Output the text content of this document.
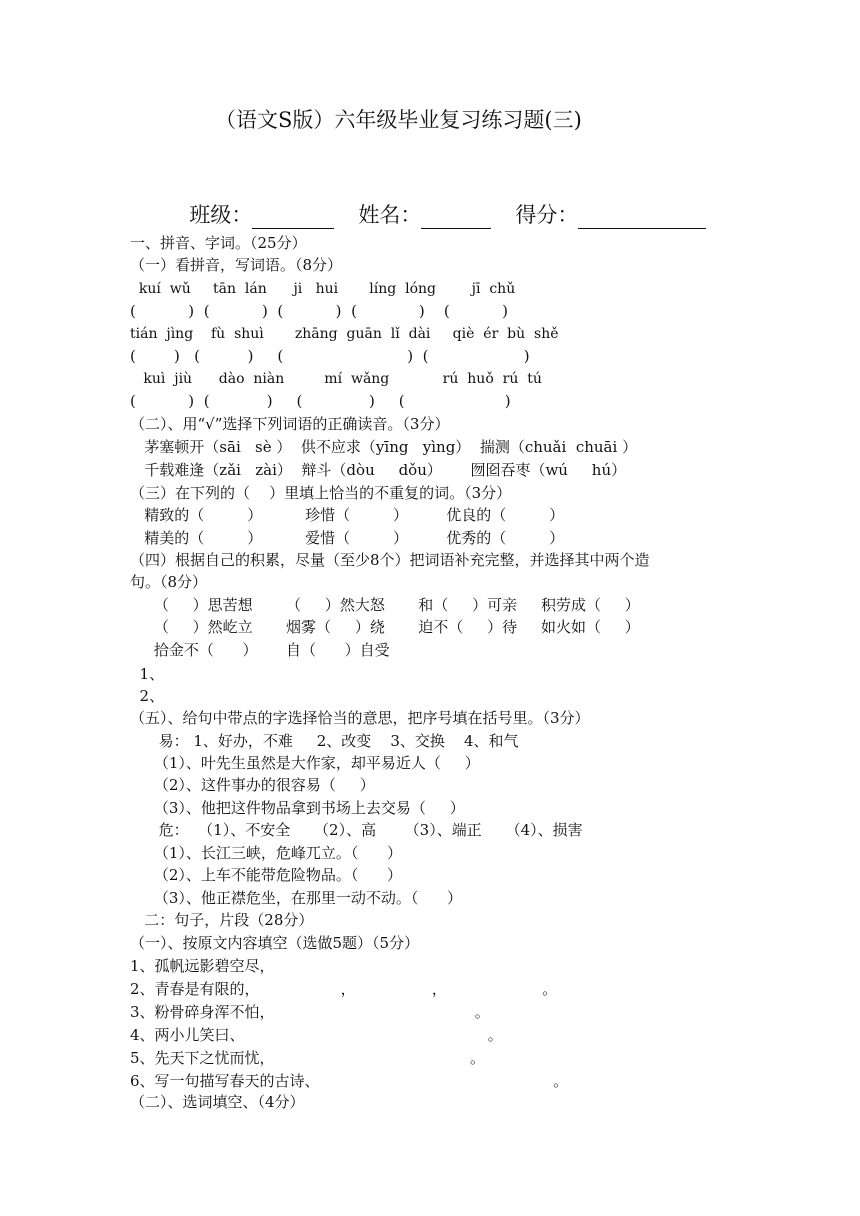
（语文S版）六年级毕业复习练习题(三)

班级：	姓名：	得分：

一、拼音、字词。（25分）
（一）看拼音，写词语。（8分）
kuí  wǔ     tān  lán      ji   hui       líng  lóng        jī  chǔ
(           )  (           )  (           )  (             )    (           )
tián  jìng    fù  shuì       zhāng  guān  lǐ  dài     qiè  ér  bù  shě
(        )   (          )     (                          )  (                    )
kuì  jiù      dào  niàn         mí  wǎng            rú  huǒ  rú  tú
(           )  (            )     (              )     (                     )
（二）、用“√”选择下列词语的正确读音。（3分）
茅塞顿开（sāi   sè ）  供不应求（yīng   yìng）  揣测（chuǎi  chuāi ）
千载难逢（zǎi   zài）  辩斗（dòu     dǒu）      囫囵吞枣（wú     hú）
（三）在下列的（    ）里填上恰当的不重复的词。（3分）
精致的（         ）         珍惜（         ）        优良的（         ）
精美的（         ）         爱惜（         ）        优秀的（         ）
（四）根据自己的积累，尽量（至少8个）把词语补充完整，并选择其中两个造
句。（8分）
（     ）思苦想       （     ）然大怒       和（     ）可亲     积劳成（     ）
（     ）然屹立       烟雾（     ）绕       迫不（     ）待     如火如（     ）
拾金不（      ）      自（      ）自受
1、
2、
（五）、给句中带点的字选择恰当的意思，把序号填在括号里。（3分）
易： 1、好办，不难     2、改变    3、交换    4、和气
（1）、叶先生虽然是大作家，却平易近人（     ）
（2）、这件事办的很容易（     ）
（3）、他把这件物品拿到书场上去交易（     ）
危：  （1）、不安全     （2）、高      （3）、端正     （4）、损害
（1）、长江三峡，危峰兀立。（      ）
（2）、上车不能带危险物品。（      ）
（3）、他正襟危坐，在那里一动不动。（      ）
二：句子，片段（28分）
（一）、按原文内容填空（选做5题）（5分）
1、孤帆远影碧空尽，
2、青春是有限的，                 ，                ，                    。
3、粉骨碎身浑不怕，                                          。
4、两小儿笑曰、                                                   。
5、先天下之忧而忧，                                         。
6、写一句描写春天的古诗、                                                 。
（二）、选词填空、（4分）
